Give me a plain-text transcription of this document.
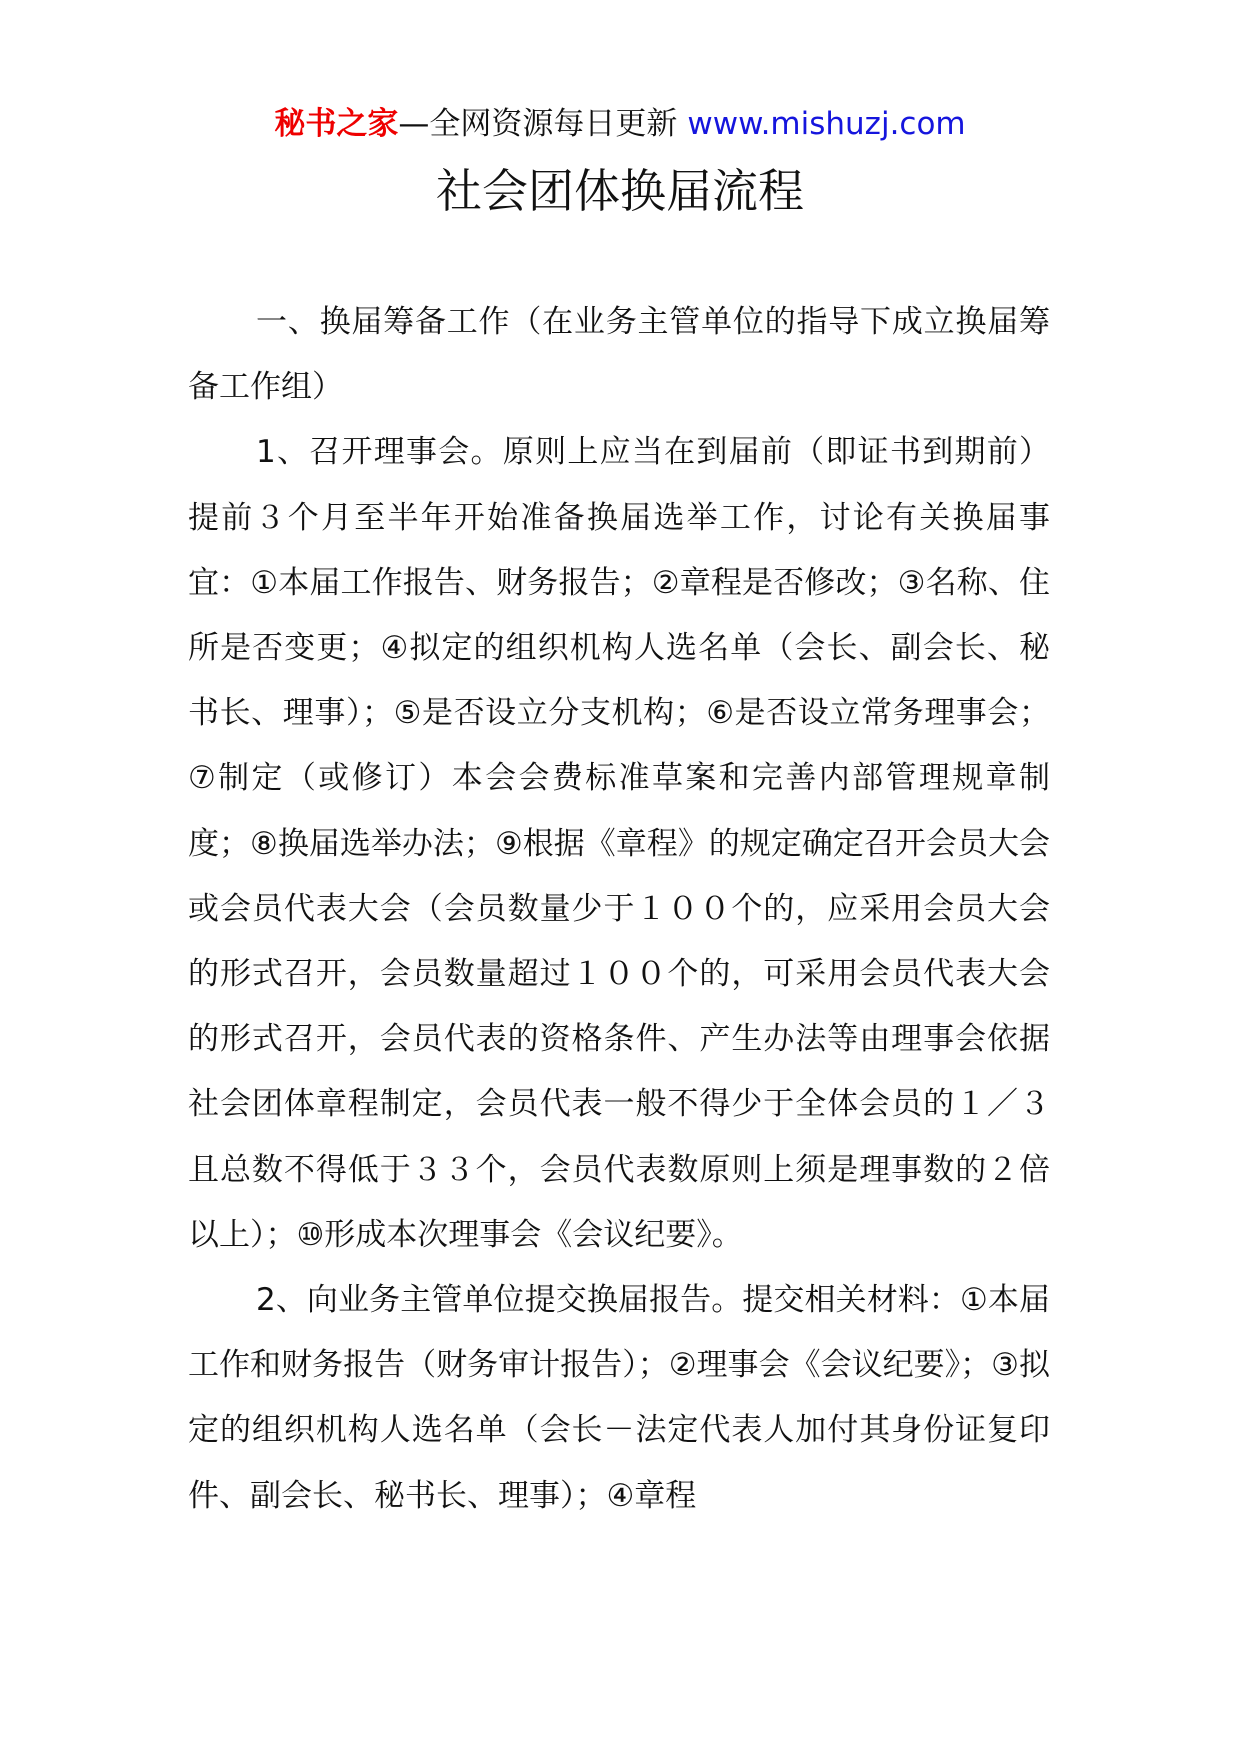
秘书之家—全网资源每日更新 www.mishuzj.com
社会团体换届流程

一、换届筹备工作（在业务主管单位的指导下成立换届筹备工作组）

1、召开理事会。原则上应当在到届前（即证书到期前）提前３个月至半年开始准备换届选举工作，讨论有关换届事宜：①本届工作报告、财务报告；②章程是否修改；③名称、住所是否变更；④拟定的组织机构人选名单（会长、副会长、秘书长、理事）；⑤是否设立分支机构；⑥是否设立常务理事会；⑦制定（或修订）本会会费标准草案和完善内部管理规章制度；⑧换届选举办法；⑨根据《章程》的规定确定召开会员大会或会员代表大会（会员数量少于１００个的，应采用会员大会的形式召开，会员数量超过１００个的，可采用会员代表大会的形式召开，会员代表的资格条件、产生办法等由理事会依据社会团体章程制定，会员代表一般不得少于全体会员的１／３且总数不得低于３３个，会员代表数原则上须是理事数的２倍以上）；⑩形成本次理事会《会议纪要》。

2、向业务主管单位提交换届报告。提交相关材料：①本届工作和财务报告（财务审计报告）；②理事会《会议纪要》；③拟定的组织机构人选名单（会长－法定代表人加付其身份证复印件、副会长、秘书长、理事）；④章程
